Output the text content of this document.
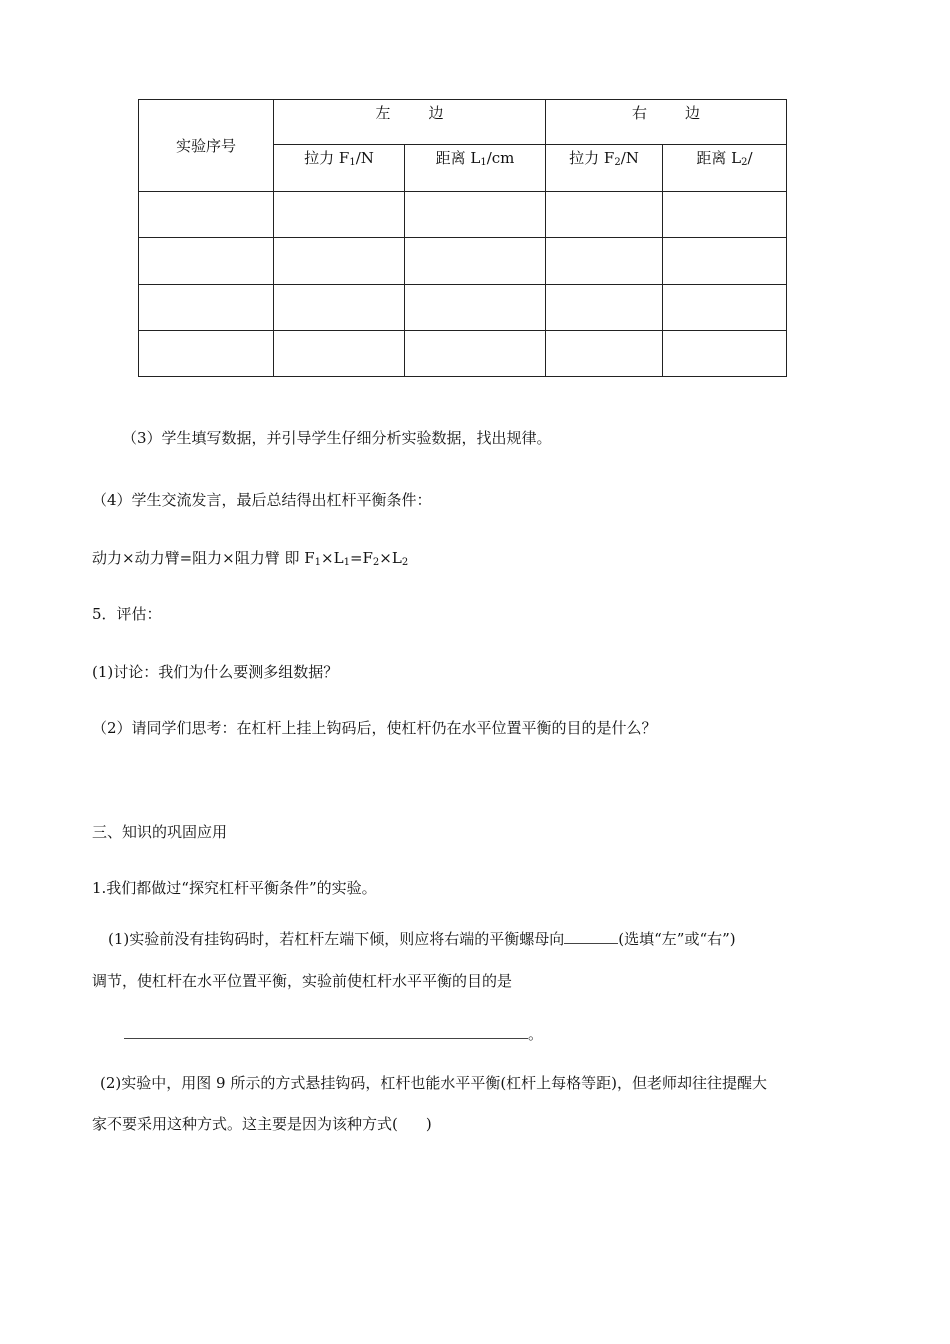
实验序号	左 边		右 边	

	拉力 $F_1/N$	距离 $L_1/cm$	拉力 $F_2/N$	距离 $L_2/$

（3）学生填写数据，并引导学生仔细分析实验数据，找出规律。
（4）学生交流发言，最后总结得出杠杆平衡条件：
动力×动力臂=阻力×阻力臂 即 $F_1\times L_1=F_2\times L_2$
5．评估：
(1)讨论：我们为什么要测多组数据？
（2）请同学们思考：在杠杆上挂上钩码后，使杠杆仍在水平位置平衡的目的是什么？
三、知识的巩固应用
1.我们都做过“探究杠杆平衡条件”的实验。
(1)实验前没有挂钩码时，若杠杆左端下倾，则应将右端的平衡螺母向	(选填“左”或“右”)
调节，使杠杆在水平位置平衡，实验前使杠杆水平平衡的目的是
。
(2)实验中，用图 9 所示的方式悬挂钩码，杠杆也能水平平衡(杠杆上每格等距)，但老师却往往提醒大
家不要采用这种方式。这主要是因为该种方式( )
